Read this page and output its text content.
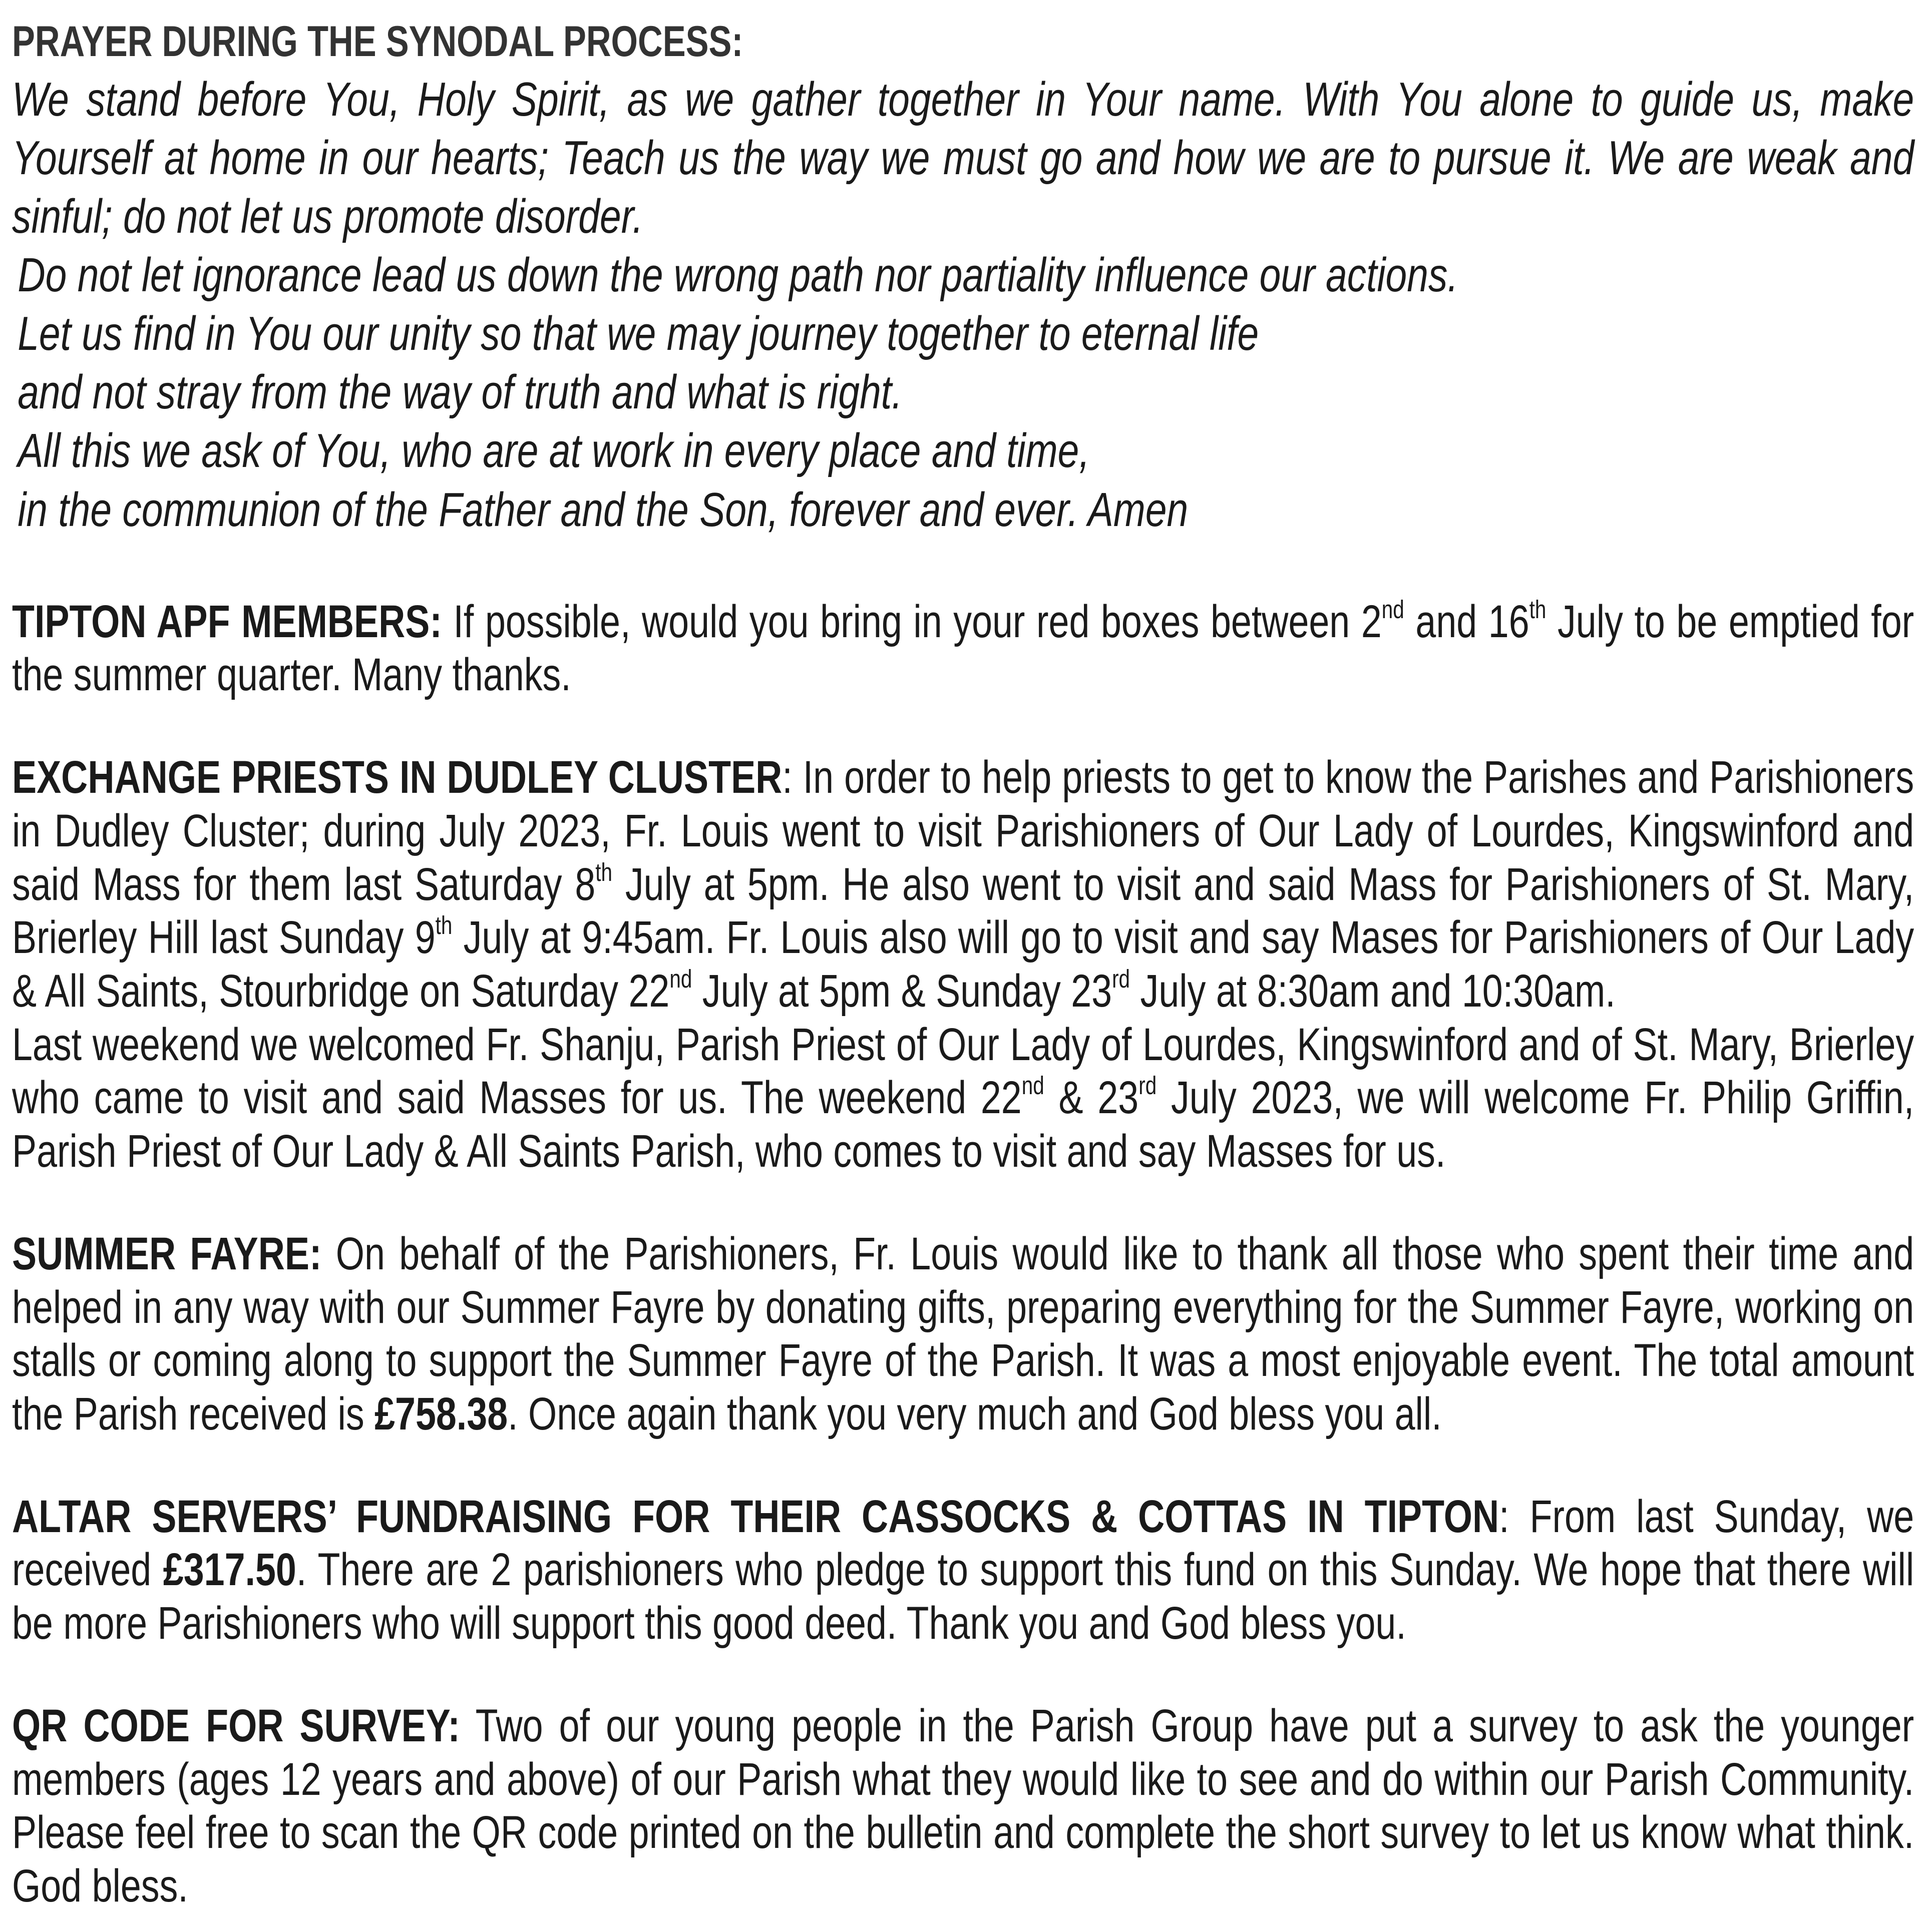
PRAYER DURING THE SYNODAL PROCESS:

We stand before You, Holy Spirit, as we gather together in Your name. With You alone to guide us, make Yourself at home in our hearts; Teach us the way we must go and how we are to pursue it. We are weak and sinful; do not let us promote disorder.

Do not let ignorance lead us down the wrong path nor partiality influence our actions.

Let us find in You our unity so that we may journey together to eternal life

and not stray from the way of truth and what is right.

All this we ask of You, who are at work in every place and time,

in the communion of the Father and the Son, forever and ever. Amen

TIPTON APF MEMBERS: If possible, would you bring in your red boxes between 2nd and 16th July to be emptied for the summer quarter. Many thanks.

EXCHANGE PRIESTS IN DUDLEY CLUSTER: In order to help priests to get to know the Parishes and Parishioners in Dudley Cluster; during July 2023, Fr. Louis went to visit Parishioners of Our Lady of Lourdes, Kingswinford and said Mass for them last Saturday 8th July at 5pm. He also went to visit and said Mass for Parishioners of St. Mary, Brierley Hill last Sunday 9th July at 9:45am. Fr. Louis also will go to visit and say Mases for Parishioners of Our Lady & All Saints, Stourbridge on Saturday 22nd July at 5pm & Sunday 23rd July at 8:30am and 10:30am.

Last weekend we welcomed Fr. Shanju, Parish Priest of Our Lady of Lourdes, Kingswinford and of St. Mary, Brierley who came to visit and said Masses for us. The weekend 22nd & 23rd July 2023, we will welcome Fr. Philip Griffin, Parish Priest of Our Lady & All Saints Parish, who comes to visit and say Masses for us.

SUMMER FAYRE: On behalf of the Parishioners, Fr. Louis would like to thank all those who spent their time and helped in any way with our Summer Fayre by donating gifts, preparing everything for the Summer Fayre, working on stalls or coming along to support the Summer Fayre of the Parish. It was a most enjoyable event. The total amount the Parish received is £758.38. Once again thank you very much and God bless you all.

ALTAR SERVERS’ FUNDRAISING FOR THEIR CASSOCKS & COTTAS IN TIPTON: From last Sunday, we received £317.50. There are 2 parishioners who pledge to support this fund on this Sunday. We hope that there will be more Parishioners who will support this good deed. Thank you and God bless you.

QR CODE FOR SURVEY: Two of our young people in the Parish Group have put a survey to ask the younger members (ages 12 years and above) of our Parish what they would like to see and do within our Parish Community. Please feel free to scan the QR code printed on the bulletin and complete the short survey to let us know what think. God bless.
